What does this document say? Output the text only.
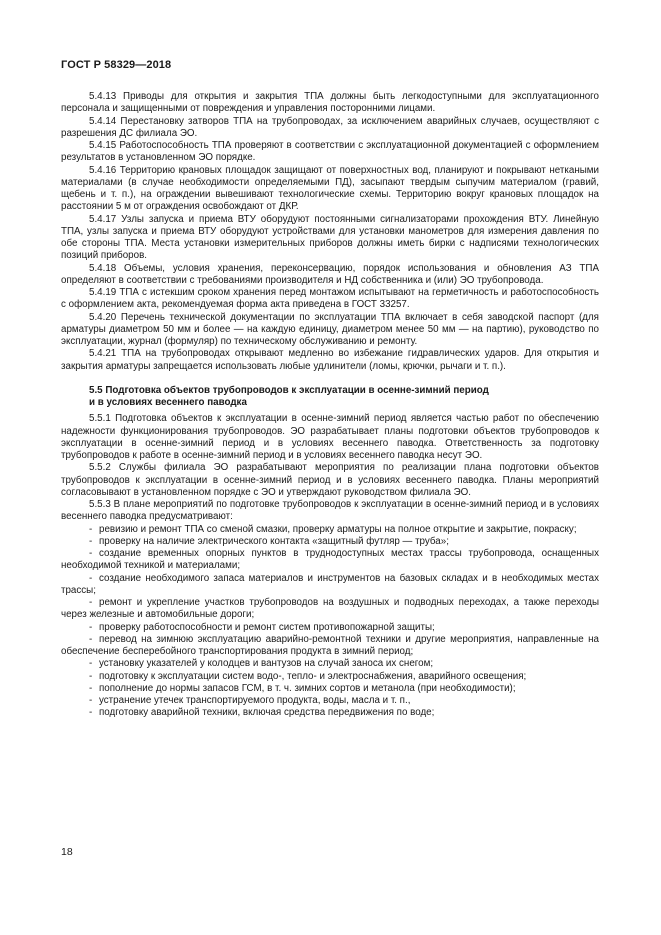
ГОСТ Р 58329—2018

5.4.13 Приводы для открытия и закрытия ТПА должны быть легкодоступными для эксплуатационного персонала и защищенными от повреждения и управления посторонними лицами.

5.4.14 Перестановку затворов ТПА на трубопроводах, за исключением аварийных случаев, осуществляют с разрешения ДС филиала ЭО.

5.4.15 Работоспособность ТПА проверяют в соответствии с эксплуатационной документацией с оформлением результатов в установленном ЭО порядке.

5.4.16 Территорию крановых площадок защищают от поверхностных вод, планируют и покрывают неткаными материалами (в случае необходимости определяемыми ПД), засыпают твердым сыпучим материалом (гравий, щебень и т. п.), на ограждении вывешивают технологические схемы. Территорию вокруг крановых площадок на расстоянии 5 м от ограждения освобождают от ДКР.

5.4.17 Узлы запуска и приема ВТУ оборудуют постоянными сигнализаторами прохождения ВТУ. Линейную ТПА, узлы запуска и приема ВТУ оборудуют устройствами для установки манометров для измерения давления по обе стороны ТПА. Места установки измерительных приборов должны иметь бирки с надписями технологических позиций приборов.

5.4.18 Объемы, условия хранения, переконсервацию, порядок использования и обновления АЗ ТПА определяют в соответствии с требованиями производителя и НД собственника и (или) ЭО трубопровода.

5.4.19 ТПА с истекшим сроком хранения перед монтажом испытывают на герметичность и работоспособность с оформлением акта, рекомендуемая форма акта приведена в ГОСТ 33257.

5.4.20 Перечень технической документации по эксплуатации ТПА включает в себя заводской паспорт (для арматуры диаметром 50 мм и более — на каждую единицу, диаметром менее 50 мм — на партию), руководство по эксплуатации, журнал (формуляр) по техническому обслуживанию и ремонту.

5.4.21 ТПА на трубопроводах открывают медленно во избежание гидравлических ударов. Для открытия и закрытия арматуры запрещается использовать любые удлинители (ломы, крючки, рычаги и т. п.).

5.5 Подготовка объектов трубопроводов к эксплуатации в осенне-зимний период
и в условиях весеннего паводка

5.5.1 Подготовка объектов к эксплуатации в осенне-зимний период является частью работ по обеспечению надежности функционирования трубопроводов. ЭО разрабатывает планы подготовки объектов трубопроводов к эксплуатации в осенне-зимний период и в условиях весеннего паводка. Ответственность за подготовку трубопроводов к работе в осенне-зимний период и в условиях весеннего паводка несут ЭО.

5.5.2 Службы филиала ЭО разрабатывают мероприятия по реализации плана подготовки объектов трубопроводов к эксплуатации в осенне-зимний период и в условиях весеннего паводка. Планы мероприятий согласовывают в установленном порядке с ЭО и утверждают руководством филиала ЭО.

5.5.3 В плане мероприятий по подготовке трубопроводов к эксплуатации в осенне-зимний период и в условиях весеннего паводка предусматривают:

- ревизию и ремонт ТПА со сменой смазки, проверку арматуры на полное открытие и закрытие, покраску;
- проверку на наличие электрического контакта «защитный футляр — труба»;
- создание временных опорных пунктов в труднодоступных местах трассы трубопровода, оснащенных необходимой техникой и материалами;
- создание необходимого запаса материалов и инструментов на базовых складах и в необходимых местах трассы;
- ремонт и укрепление участков трубопроводов на воздушных и подводных переходах, а также переходы через железные и автомобильные дороги;
- проверку работоспособности и ремонт систем противопожарной защиты;
- перевод на зимнюю эксплуатацию аварийно-ремонтной техники и другие мероприятия, направленные на обеспечение бесперебойного транспортирования продукта в зимний период;
- установку указателей у колодцев и вантузов на случай заноса их снегом;
- подготовку к эксплуатации систем водо-, тепло- и электроснабжения, аварийного освещения;
- пополнение до нормы запасов ГСМ, в т. ч. зимних сортов и метанола (при необходимости);
- устранение утечек транспортируемого продукта, воды, масла и т. п.,
- подготовку аварийной техники, включая средства передвижения по воде;
18
